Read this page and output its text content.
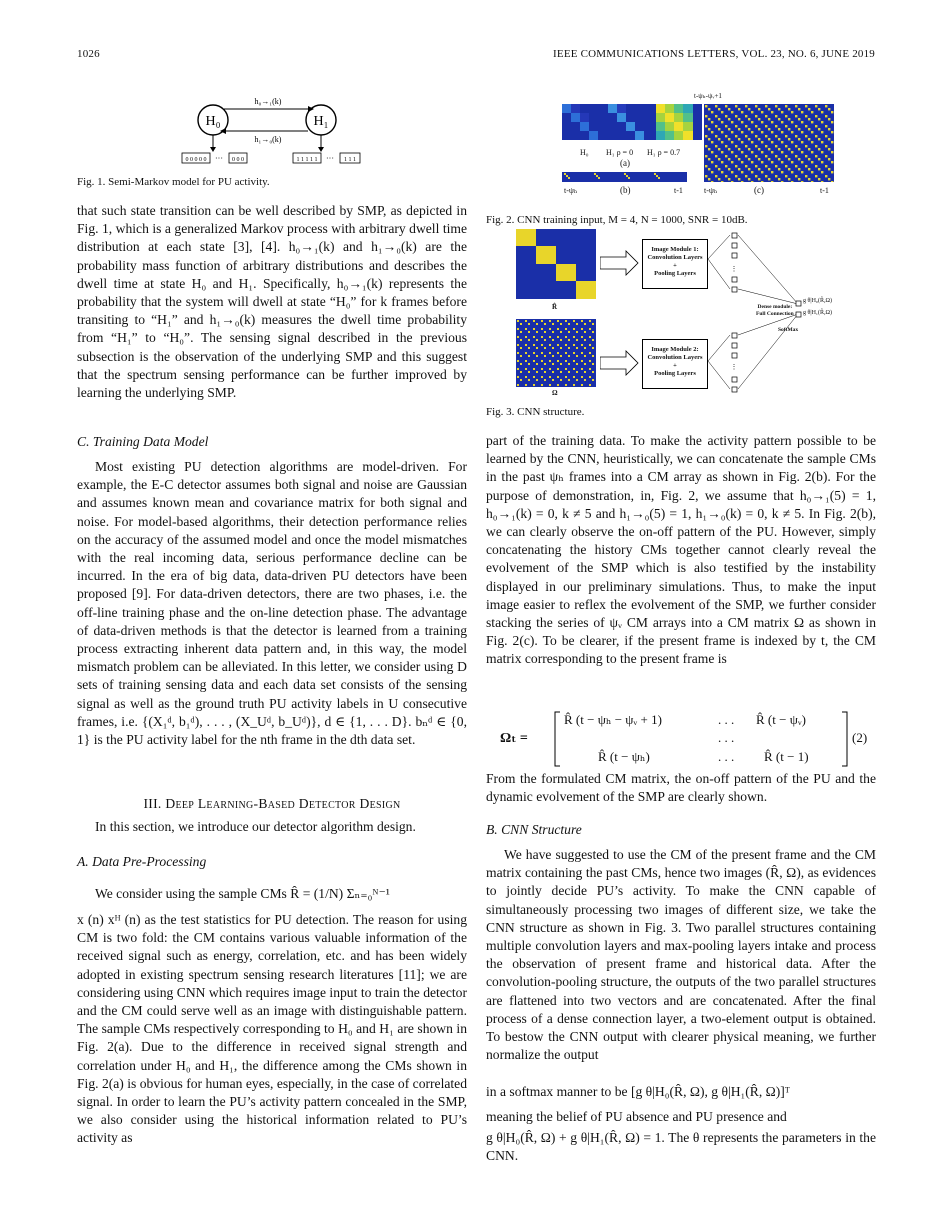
1026	IEEE COMMUNICATIONS LETTERS, VOL. 23, NO. 6, JUNE 2019
H₀	H₁
h₀→₁(k)
h₁→₀(k)
0 0 0 0 0 ··· 0 0 0	1 1 1 1 1 ··· 1 1 1
Fig. 1. Semi-Markov model for PU activity.

that such state transition can be well described by SMP, as depicted in Fig. 1, which is a generalized Markov process with arbitrary dwell time distribution at each state [3], [4]. h₀→₁(k) and h₁→₀(k) are the probability mass function of arbitrary distributions and describes the dwell time at state H₀ and H₁. Specifically, h₀→₁(k) represents the probability that the system will dwell at state “H₀” for k frames before transiting to “H₁” and h₁→₀(k) measures the dwell time probability from “H₁” to “H₀”. The sensing signal described in the previous subsection is the observation of the underlying SMP and this suggest that the spectrum sensing performance can be further improved by learning the underlying SMP.

C. Training Data Model

Most existing PU detection algorithms are model-driven. For example, the E-C detector assumes both signal and noise are Gaussian and assumes known mean and covariance matrix for both signal and noise. For model-based algorithms, their detection performance relies on the accuracy of the assumed model and once the model mismatches with the real incoming data, serious performance decline can be incurred. In the era of big data, data-driven PU detectors have been proposed [9]. For data-driven detectors, there are two phases, i.e. the off-line training phase and the on-line detection phase. The advantage of data-driven methods is that the detector is learned from a training process extracting inherent data pattern and, in this way, the model mismatch problem can be alleviated. In this letter, we consider using D sets of training sensing data and each data set consists of the sensing signal as well as the ground truth PU activity labels in U consecutive frames, i.e. {(X₁ᵈ, b₁ᵈ), . . . , (X_Uᵈ, b_Uᵈ)}, d ∈ {1, . . . D}. bₙᵈ ∈ {0, 1} is the PU activity label for the nth frame in the dth data set.

III. Deep Learning-Based Detector Design

In this section, we introduce our detector algorithm design.

A. Data Pre-Processing

We consider using the sample CMs R̂ = (1/N) Σₙ₌₀ᴺ⁻¹

x (n) xᴴ (n) as the test statistics for PU detection. The reason for using CM is two fold: the CM contains various valuable information of the received signal such as energy, correlation, etc. and has been widely adopted in existing spectrum sensing research literatures [11]; we are considering using CNN which requires image input to train the detector and the CM could serve well as an image with distinguishable pattern. The sample CMs respectively corresponding to H₀ and H₁ are shown in Fig. 2(a). Due to the difference in received signal strength and correlation under H₀ and H₁, the difference among the CMs shown in Fig. 2(a) is obvious for human eyes, especially, in the case of correlated signal. In order to learn the PU’s activity pattern concealed in the SMP, we also consider using the historical information related to PU’s activity as

H₀ H₁ ρ = 0 H₁ ρ = 0.7
(a)
t-ψₕ	(b)	t-1
t-ψₕ-ψᵥ+1
t-ψₕ	(c)	t-1
Fig. 2. CNN training input, M = 4, N = 1000, SNR = 10dB.
R̂
Ω
Image Module 1:
Convolution Layers
+
Pooling Layers
Image Module 2:
Convolution Layers
+
Pooling Layers
⋮
⋮
Dense module:
Full Connection
SoftMax
g θ|H₀(R̂,Ω)
g θ|H₁(R̂,Ω)
Fig. 3. CNN structure.

part of the training data. To make the activity pattern possible to be learned by the CNN, heuristically, we can concatenate the sample CMs in the past ψₕ frames into a CM array as shown in Fig. 2(b). For the purpose of demonstration, in, Fig. 2, we assume that h₀→₁(5) = 1, h₀→₁(k) = 0, k ≠ 5 and h₁→₀(5) = 1, h₁→₀(k) = 0, k ≠ 5. In Fig. 2(b), we can clearly observe the on-off pattern of the PU. However, simply concatenating the history CMs together cannot clearly reveal the evolvement of the SMP which is also testified by the instability displayed in our preliminary simulations. Thus, to make the input image easier to reflex the evolvement of the SMP, we further consider stacking the series of ψᵥ CM arrays into a CM matrix Ω as shown in Fig. 2(c). To be clearer, if the present frame is indexed by t, the CM matrix corresponding to the present frame is

Ωₜ =
R̂ (t − ψₕ − ψᵥ + 1)	. . . R̂ (t − ψᵥ)
. . .
R̂ (t − ψₕ)	. . . R̂ (t − 1)
(2)

From the formulated CM matrix, the on-off pattern of the PU and the dynamic evolvement of the SMP are clearly shown.

B. CNN Structure

We have suggested to use the CM of the present frame and the CM matrix containing the past CMs, hence two images (R̂, Ω), as evidences to jointly decide PU’s activity. To make the CNN capable of simultaneously processing two images of different size, we take the CNN structure as shown in Fig. 3. Two parallel structures containing multiple convolution layers and max-pooling layers intake and process the observation of present frame and historical data. After the convolution-pooling structure, the outputs of the two parallel structures are flattened into two vectors and are concatenated. After the final process of a dense connection layer, a two-element output is obtained. To bestow the CNN output with clearer physical meaning, we further normalize the output

in a softmax manner to be [g θ|H₀(R̂, Ω), g θ|H₁(R̂, Ω)]ᵀ

meaning the belief of PU absence and PU presence and

g θ|H₀(R̂, Ω) + g θ|H₁(R̂, Ω) = 1. The θ represents the parameters in the CNN.
